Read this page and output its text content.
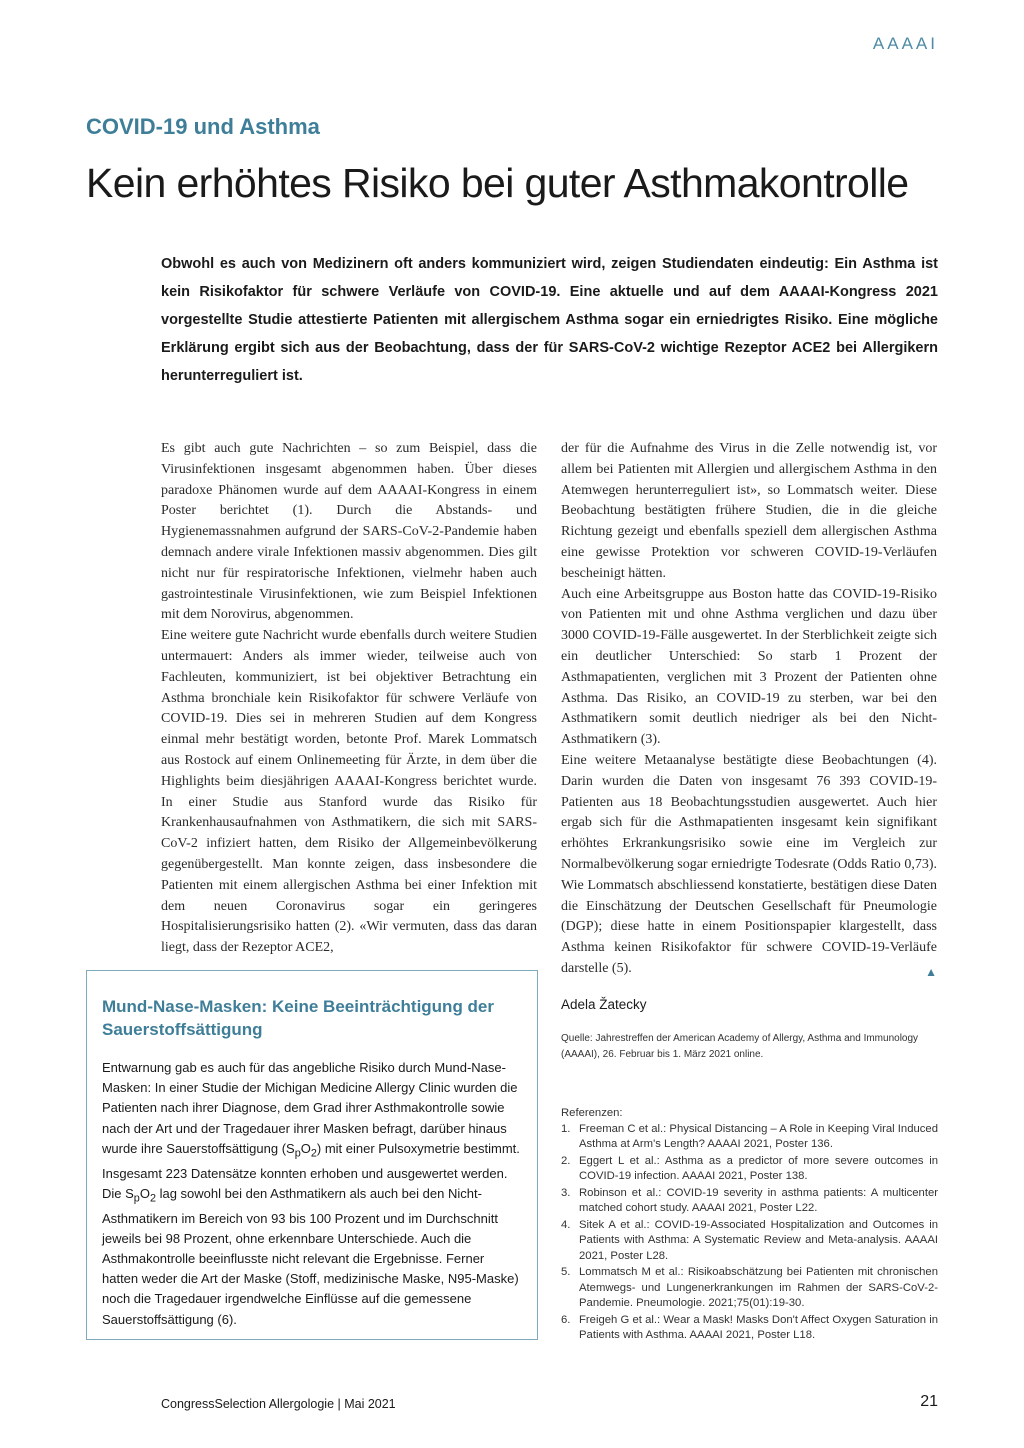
AAAAI
COVID-19 und Asthma
Kein erhöhtes Risiko bei guter Asthmakontrolle

Obwohl es auch von Medizinern oft anders kommuniziert wird, zeigen Studiendaten eindeutig: Ein Asthma ist kein Risikofaktor für schwere Verläufe von COVID-19. Eine aktuelle und auf dem AAAAI-Kongress 2021 vorgestellte Studie attestierte Patienten mit allergischem Asthma sogar ein erniedrigtes Risiko. Eine mögliche Erklärung ergibt sich aus der Beobachtung, dass der für SARS-CoV-2 wichtige Rezeptor ACE2 bei Allergikern herunterreguliert ist.

Es gibt auch gute Nachrichten – so zum Beispiel, dass die Virusinfektionen insgesamt abgenommen haben. Über dieses paradoxe Phänomen wurde auf dem AAAAI-Kongress in einem Poster berichtet (1). Durch die Abstands- und Hygienemassnahmen aufgrund der SARS-CoV-2-Pandemie haben demnach andere virale Infektionen massiv abgenommen. Dies gilt nicht nur für respiratorische Infektionen, vielmehr haben auch gastrointestinale Virusinfektionen, wie zum Beispiel Infektionen mit dem Norovirus, abgenommen.

Eine weitere gute Nachricht wurde ebenfalls durch weitere Studien untermauert: Anders als immer wieder, teilweise auch von Fachleuten, kommuniziert, ist bei objektiver Betrachtung ein Asthma bronchiale kein Risikofaktor für schwere Verläufe von COVID-19. Dies sei in mehreren Studien auf dem Kongress einmal mehr bestätigt worden, betonte Prof. Marek Lommatsch aus Rostock auf einem Onlinemeeting für Ärzte, in dem über die Highlights beim diesjährigen AAAAI-Kongress berichtet wurde. In einer Studie aus Stanford wurde das Risiko für Krankenhausaufnahmen von Asthmatikern, die sich mit SARS-CoV-2 infiziert hatten, dem Risiko der Allgemeinbevölkerung gegenübergestellt. Man konnte zeigen, dass insbesondere die Patienten mit einem allergischen Asthma bei einer Infektion mit dem neuen Coronavirus sogar ein geringeres Hospitalisierungsrisiko hatten (2). «Wir vermuten, dass das daran liegt, dass der Rezeptor ACE2,

der für die Aufnahme des Virus in die Zelle notwendig ist, vor allem bei Patienten mit Allergien und allergischem Asthma in den Atemwegen herunterreguliert ist», so Lommatsch weiter. Diese Beobachtung bestätigten frühere Studien, die in die gleiche Richtung gezeigt und ebenfalls speziell dem allergischen Asthma eine gewisse Protektion vor schweren COVID-19-Verläufen bescheinigt hätten.

Auch eine Arbeitsgruppe aus Boston hatte das COVID-19-Risiko von Patienten mit und ohne Asthma verglichen und dazu über 3000 COVID-19-Fälle ausgewertet. In der Sterblichkeit zeigte sich ein deutlicher Unterschied: So starb 1 Prozent der Asthmapatienten, verglichen mit 3 Prozent der Patienten ohne Asthma. Das Risiko, an COVID-19 zu sterben, war bei den Asthmatikern somit deutlich niedriger als bei den Nicht-Asthmatikern (3).

Eine weitere Metaanalyse bestätigte diese Beobachtungen (4). Darin wurden die Daten von insgesamt 76 393 COVID-19-Patienten aus 18 Beobachtungsstudien ausgewertet. Auch hier ergab sich für die Asthmapatienten insgesamt kein signifikant erhöhtes Erkrankungsrisiko sowie eine im Vergleich zur Normalbevölkerung sogar erniedrigte Todesrate (Odds Ratio 0,73). Wie Lommatsch abschliessend konstatierte, bestätigen diese Daten die Einschätzung der Deutschen Gesellschaft für Pneumologie (DGP); diese hatte in einem Positionspapier klargestellt, dass Asthma keinen Risikofaktor für schwere COVID-19-Verläufe darstelle (5).	▲

Mund-Nase-Masken: Keine Beeinträchtigung der Sauerstoffsättigung
Entwarnung gab es auch für das angebliche Risiko durch Mund-Nase-Masken: In einer Studie der Michigan Medicine Allergy Clinic wurden die Patienten nach ihrer Diagnose, dem Grad ihrer Asthmakontrolle sowie nach der Art und der Tragedauer ihrer Masken befragt, darüber hinaus wurde ihre Sauerstoffsättigung $(S_pO_2)$ mit einer Pulsoxymetrie bestimmt. Insgesamt 223 Datensätze konnten erhoben und ausgewertet werden. Die $S_pO_2$ lag sowohl bei den Asthmatikern als auch bei den Nicht-Asthmatikern im Bereich von 93 bis 100 Prozent und im Durchschnitt jeweils bei 98 Prozent, ohne erkennbare Unterschiede. Auch die Asthmakontrolle beeinflusste nicht relevant die Ergebnisse. Ferner hatten weder die Art der Maske (Stoff, medizinische Maske, N95-Maske) noch die Tragedauer irgendwelche Einflüsse auf die gemessene Sauerstoffsättigung (6).
Adela Žatecky
Quelle: Jahrestreffen der American Academy of Allergy, Asthma and Immunology (AAAAI), 26. Februar bis 1. März 2021 online.
Referenzen:
1. Freeman C et al.: Physical Distancing – A Role in Keeping Viral Induced Asthma at Arm's Length? AAAAI 2021, Poster 136.
2. Eggert L et al.: Asthma as a predictor of more severe outcomes in COVID-19 infection. AAAAI 2021, Poster 138.
3. Robinson et al.: COVID-19 severity in asthma patients: A multicenter matched cohort study. AAAAI 2021, Poster L22.
4. Sitek A et al.: COVID-19-Associated Hospitalization and Outcomes in Patients with Asthma: A Systematic Review and Meta-analysis. AAAAI 2021, Poster L28.
5. Lommatsch M et al.: Risikoabschätzung bei Patienten mit chronischen Atemwegs- und Lungenerkrankungen im Rahmen der SARS-CoV-2-Pandemie. Pneumologie. 2021;75(01):19-30.
6. Freigeh G et al.: Wear a Mask! Masks Don't Affect Oxygen Saturation in Patients with Asthma. AAAAI 2021, Poster L18.
CongressSelection Allergologie | Mai 2021	21
